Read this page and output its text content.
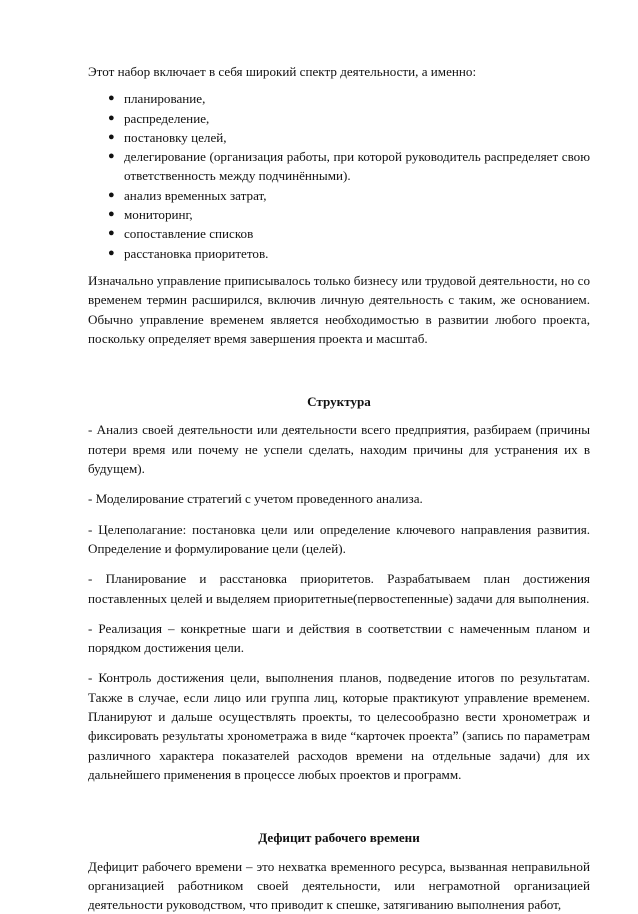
Этот набор включает в себя широкий спектр деятельности, а именно:

● планирование,
● распределение,
● постановку целей,
● делегирование (организация работы, при которой руководитель распределяет свою ответственность между подчинёнными).
● анализ временных затрат,
● мониторинг,
● сопоставление списков
● расстановка приоритетов.

Изначально управление приписывалось только бизнесу или трудовой деятельности, но со временем термин расширился, включив личную деятельность с таким, же основанием. Обычно управление временем является необходимостью в развитии любого проекта, поскольку определяет время завершения проекта и масштаб.

Структура

- Анализ своей деятельности или деятельности всего предприятия, разбираем (причины потери время или почему не успели сделать, находим причины для устранения их в будущем).

- Моделирование стратегий с учетом проведенного анализа.

- Целеполагание: постановка цели или определение ключевого направления развития. Определение и формулирование цели (целей).

- Планирование и расстановка приоритетов. Разрабатываем план достижения поставленных целей и выделяем приоритетные(первостепенные) задачи для выполнения.

- Реализация – конкретные шаги и действия в соответствии с намеченным планом и порядком достижения цели.

- Контроль достижения цели, выполнения планов, подведение итогов по результатам. Также в случае, если лицо или группа лиц, которые практикуют управление временем. Планируют и дальше осуществлять проекты, то целесообразно вести хронометраж и фиксировать результаты хронометража в виде “карточек проекта” (запись по параметрам различного характера показателей расходов времени на отдельные задачи) для их дальнейшего применения в процессе любых проектов и программ.

Дефицит рабочего времени

Дефицит рабочего времени – это нехватка временного ресурса, вызванная неправильной организацией работником своей деятельности, или неграмотной организацией деятельности руководством, что приводит к спешке, затягиванию выполнения работ,
